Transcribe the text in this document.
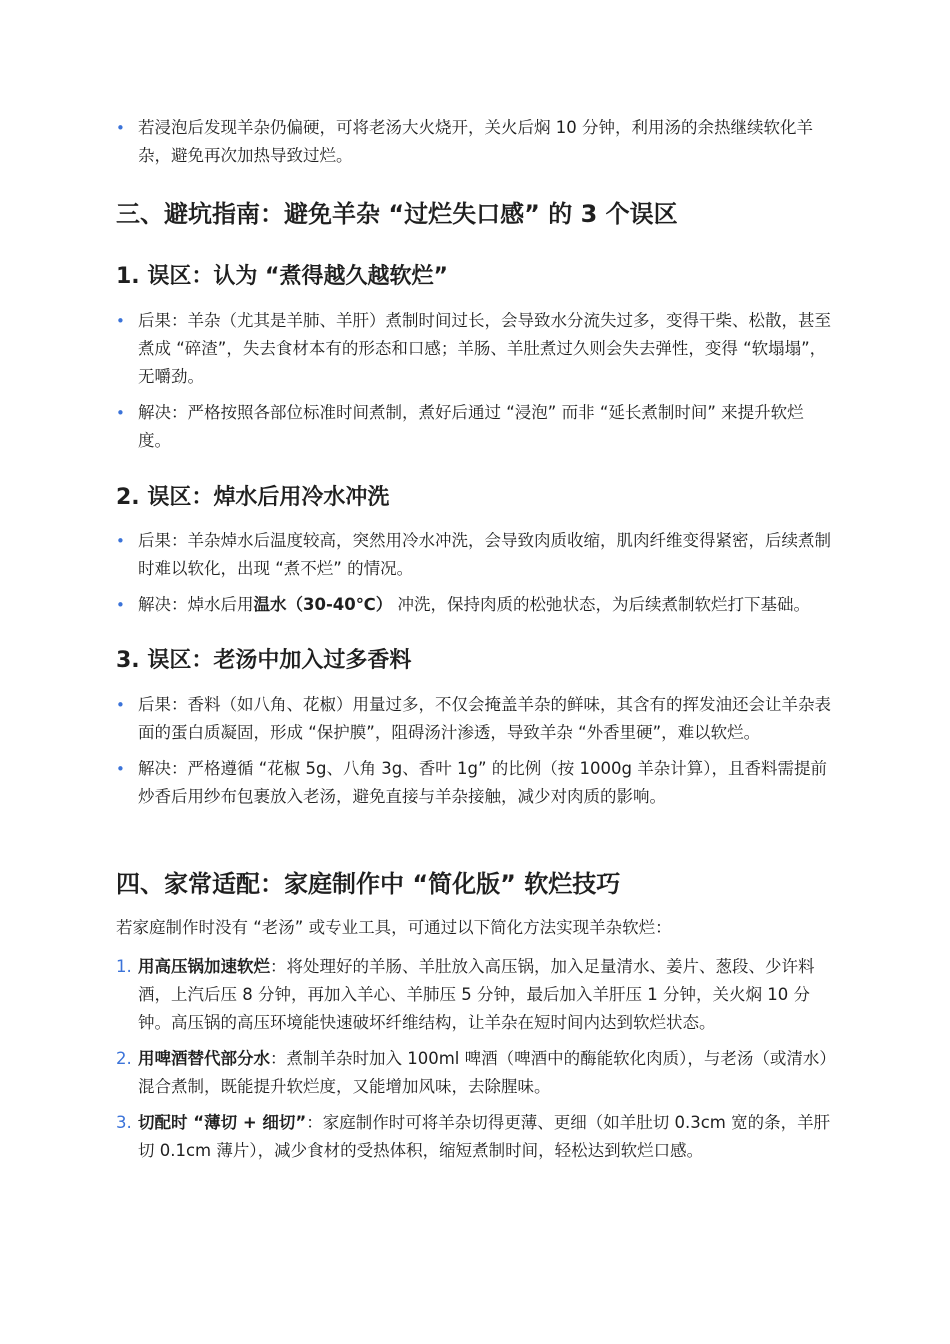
• 若浸泡后发现羊杂仍偏硬，可将老汤大火烧开，关火后焖 10 分钟，利用汤的余热继续软化羊杂，避免再次加热导致过烂。
三、避坑指南：避免羊杂 “过烂失口感” 的 3 个误区
1. 误区：认为 “煮得越久越软烂”
• 后果：羊杂（尤其是羊肺、羊肝）煮制时间过长，会导致水分流失过多，变得干柴、松散，甚至煮成 “碎渣”，失去食材本有的形态和口感；羊肠、羊肚煮过久则会失去弹性，变得 “软塌塌”，无嚼劲。
• 解决：严格按照各部位标准时间煮制，煮好后通过 “浸泡” 而非 “延长煮制时间” 来提升软烂度。
2. 误区：焯水后用冷水冲洗
• 后果：羊杂焯水后温度较高，突然用冷水冲洗，会导致肉质收缩，肌肉纤维变得紧密，后续煮制时难以软化，出现 “煮不烂” 的情况。
• 解决：焯水后用温水（30-40℃） 冲洗，保持肉质的松弛状态，为后续煮制软烂打下基础。
3. 误区：老汤中加入过多香料
• 后果：香料（如八角、花椒）用量过多，不仅会掩盖羊杂的鲜味，其含有的挥发油还会让羊杂表面的蛋白质凝固，形成 “保护膜”，阻碍汤汁渗透，导致羊杂 “外香里硬”，难以软烂。
• 解决：严格遵循 “花椒 5g、八角 3g、香叶 1g” 的比例（按 1000g 羊杂计算），且香料需提前炒香后用纱布包裹放入老汤，避免直接与羊杂接触，减少对肉质的影响。
四、家常适配：家庭制作中 “简化版” 软烂技巧

若家庭制作时没有 “老汤” 或专业工具，可通过以下简化方法实现羊杂软烂：

1. 用高压锅加速软烂：将处理好的羊肠、羊肚放入高压锅，加入足量清水、姜片、葱段、少许料酒，上汽后压 8 分钟，再加入羊心、羊肺压 5 分钟，最后加入羊肝压 1 分钟，关火焖 10 分钟。高压锅的高压环境能快速破坏纤维结构，让羊杂在短时间内达到软烂状态。
2. 用啤酒替代部分水：煮制羊杂时加入 100ml 啤酒（啤酒中的酶能软化肉质），与老汤（或清水）混合煮制，既能提升软烂度，又能增加风味，去除腥味。
3. 切配时 “薄切 + 细切”：家庭制作时可将羊杂切得更薄、更细（如羊肚切 0.3cm 宽的条，羊肝切 0.1cm 薄片），减少食材的受热体积，缩短煮制时间，轻松达到软烂口感。
